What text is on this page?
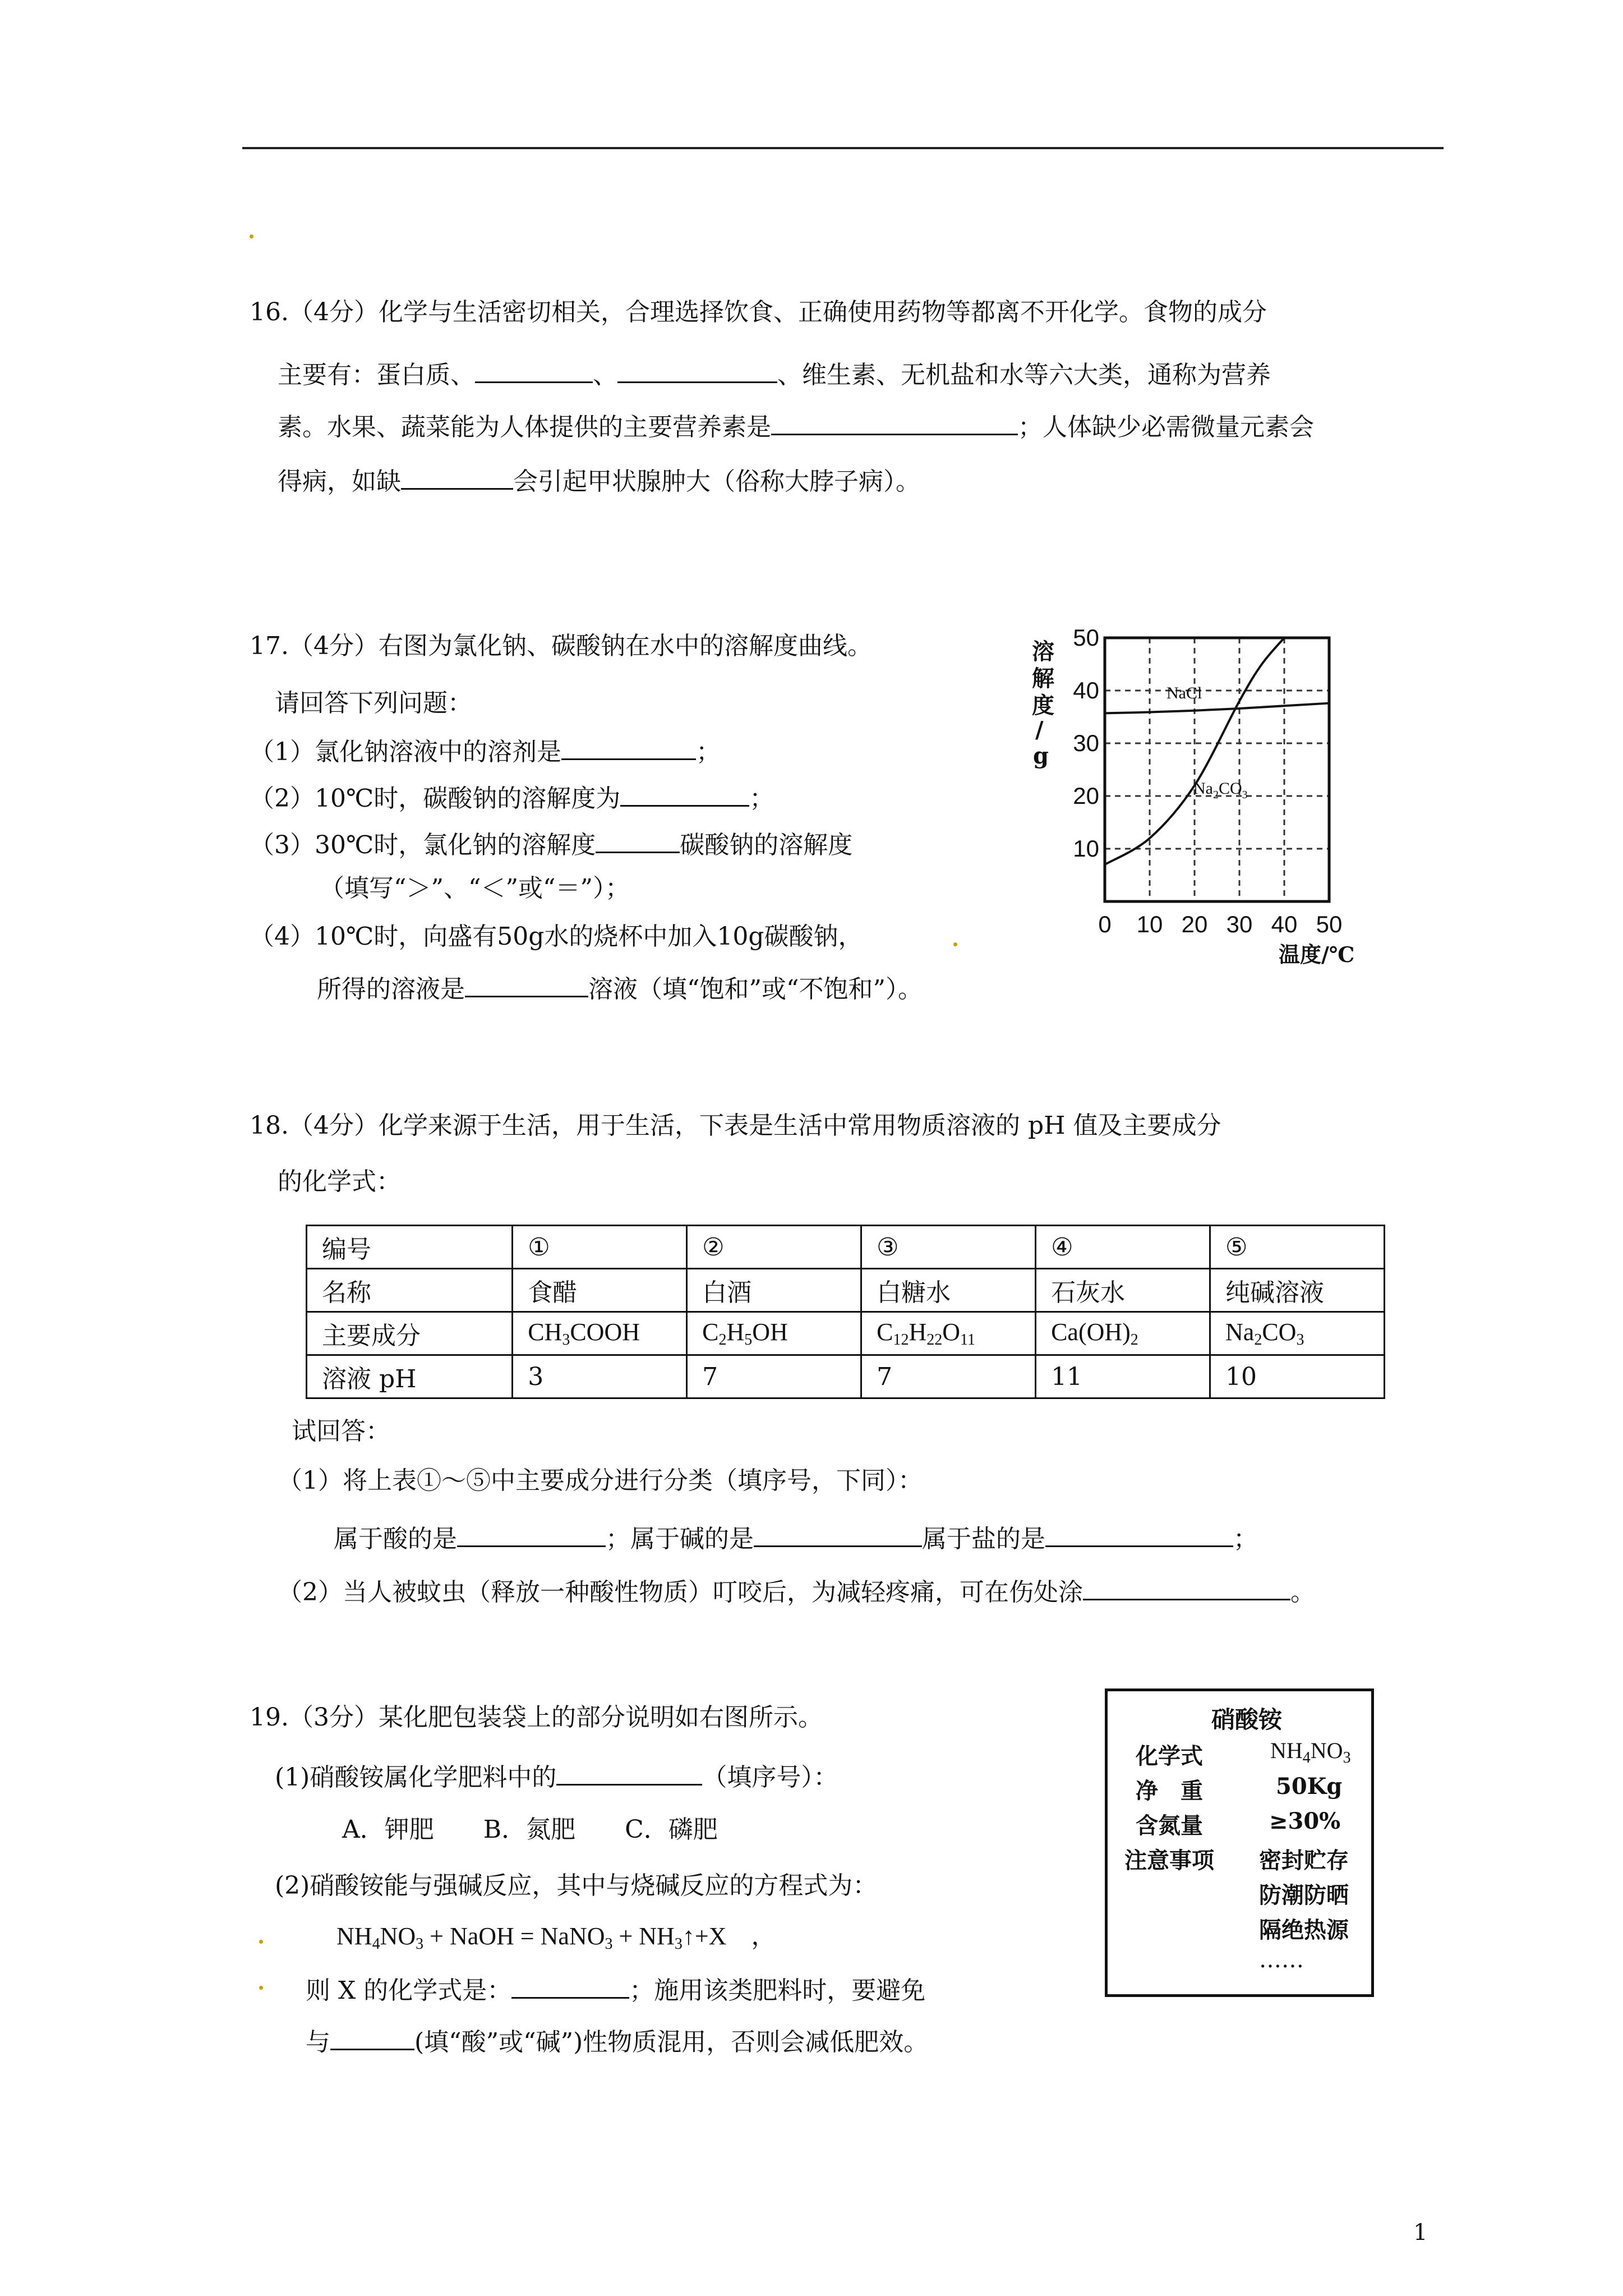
16.（4分）化学与生活密切相关，合理选择饮食、正确使用药物等都离不开化学。食物的成分
主要有：蛋白质、	、	、维生素、无机盐和水等六大类，通称为营养
素。水果、蔬菜能为人体提供的主要营养素是	；人体缺少必需微量元素会
得病，如缺	会引起甲状腺肿大（俗称大脖子病）。
17.（4分）右图为氯化钠、碳酸钠在水中的溶解度曲线。
请回答下列问题：
（1）氯化钠溶液中的溶剂是	；
（2）10℃时，碳酸钠的溶解度为	；
（3）30℃时，氯化钠的溶解度	碳酸钠的溶解度
（填写“＞”、“＜”或“＝”）；
（4）10℃时，向盛有50g水的烧杯中加入10g碳酸钠，
所得的溶液是	溶液（填“饱和”或“不饱和”）。
溶
解
度
/
g
10
20
30
40
50
0 10 20 30 40 50
NaCl
$Na_2CO_3$
温度/℃
18.（4分）化学来源于生活，用于生活，下表是生活中常用物质溶液的 pH 值及主要成分
的化学式：
编号	①	②	③	④	⑤
名称	食醋	白酒	白糖水	石灰水	纯碱溶液
主要成分	$CH_3COOH$	$C_2H_5OH$	$C_{12}H_{22}O_{11}$	$Ca(OH)_2$	$Na_2CO_3$
溶液 pH	3	7	7	11	10
试回答：
（1）将上表①～⑤中主要成分进行分类（填序号，下同）：
属于酸的是	；属于碱的是	属于盐的是	；
（2）当人被蚊虫（释放一种酸性物质）叮咬后，为减轻疼痛，可在伤处涂	。
19.（3分）某化肥包装袋上的部分说明如右图所示。
(1)硝酸铵属化学肥料中的	（填序号）：
A．钾肥　　B．氮肥　　C．磷肥
(2)硝酸铵能与强碱反应，其中与烧碱反应的方程式为：
$NH_4NO_3$ + NaOH = NaNO$_3$ + $NH_3↑+X$　，
则 X 的化学式是：	；施用该类肥料时，要避免
与	(填“酸”或“碱”)性物质混用，否则会减低肥效。
硝酸铵
化学式	$NH_4NO_3$
净　重	50Kg
含氮量	≥30%
注意事项 密封贮存
防潮防晒
隔绝热源
……
1
